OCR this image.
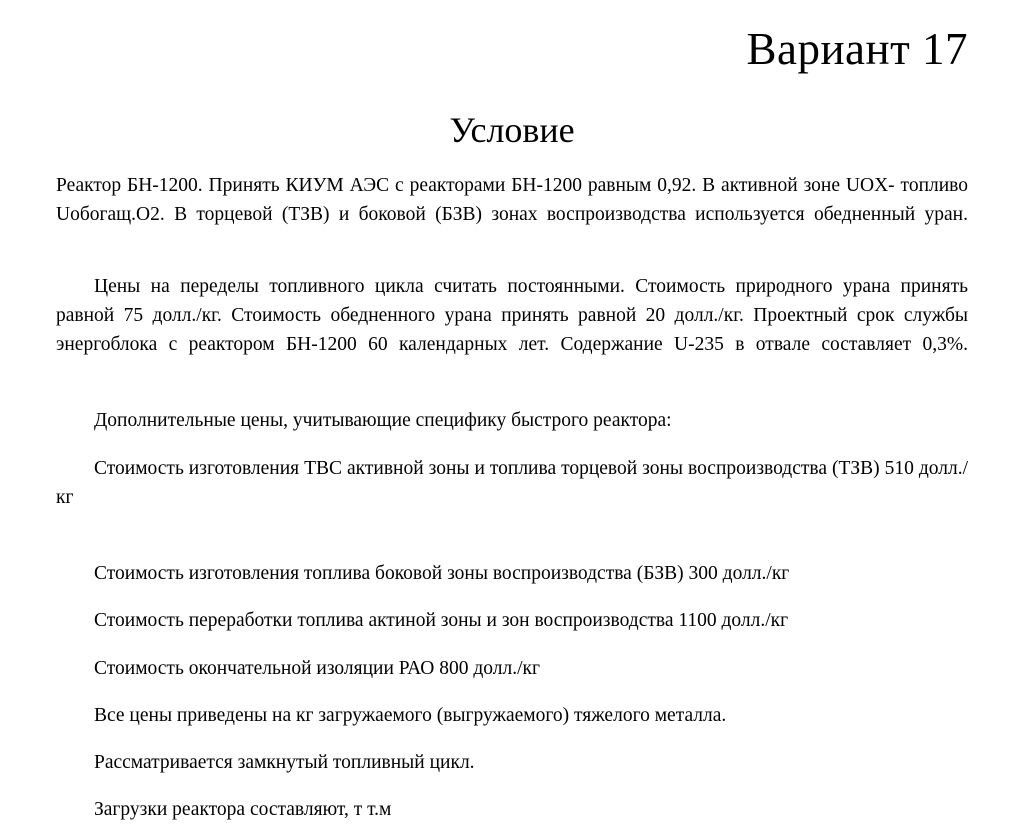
Вариант 17
Условие

Реактор БН-1200. Принять КИУМ АЭС с реакторами БН-1200 равным 0,92. В активной зоне UOX- топливо Uобогащ.O2. В торцевой (ТЗВ) и боковой (БЗВ) зонах воспроизводства используется обедненный уран.

Цены на переделы топливного цикла считать постоянными. Стоимость природного урана принять равной 75 долл./кг. Стоимость обедненного урана принять равной 20 долл./кг. Проектный срок службы энергоблока с реактором БН-1200 60 календарных лет. Содержание U-235 в отвале составляет 0,3%.

Дополнительные цены, учитывающие специфику быстрого реактора:

Стоимость изготовления ТВС активной зоны и топлива торцевой зоны воспроизводства (ТЗВ) 510 долл./кг

Стоимость изготовления топлива боковой зоны воспроизводства (БЗВ) 300 долл./кг

Стоимость переработки топлива актиной зоны и зон воспроизводства 1100 долл./кг

Стоимость окончательной изоляции РАО 800 долл./кг

Все цены приведены на кг загружаемого (выгружаемого) тяжелого металла.

Рассматривается замкнутый топливный цикл.

Загрузки реактора составляют, т т.м
